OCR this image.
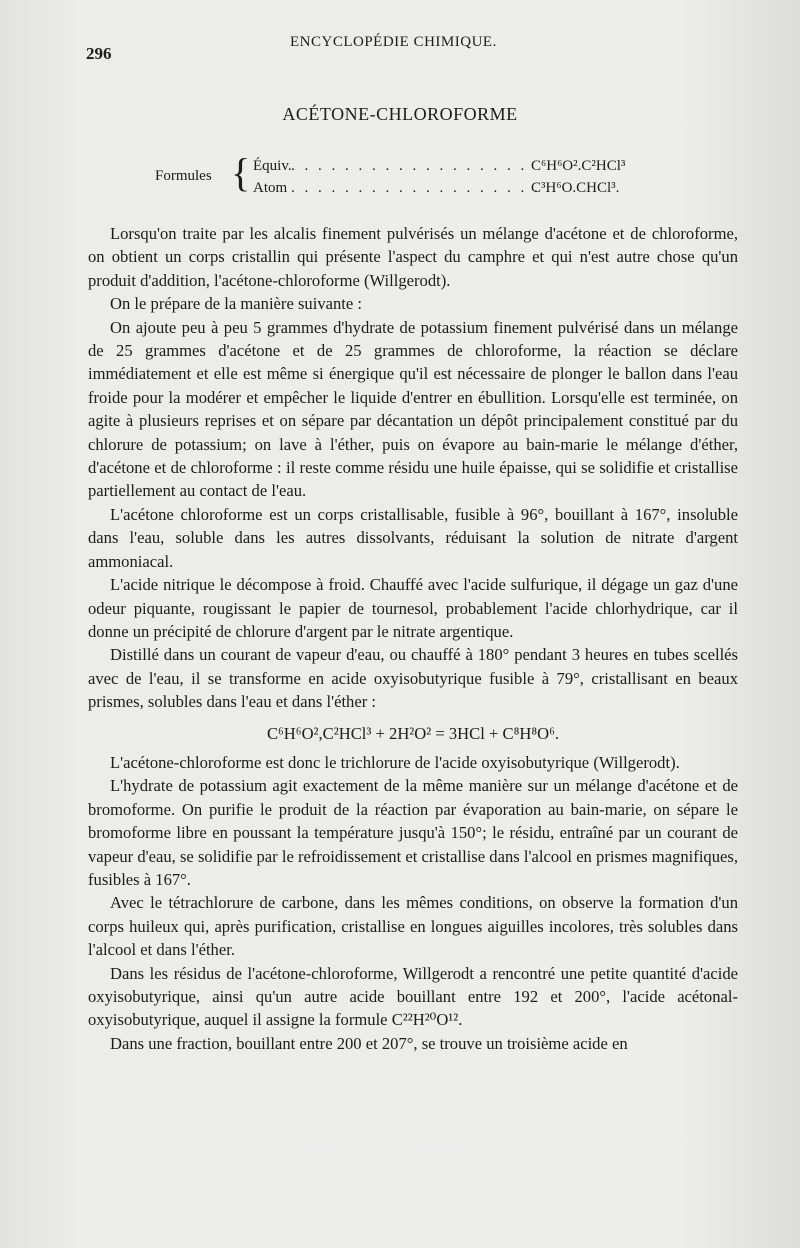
296
ENCYCLOPÉDIE CHIMIQUE.
ACÉTONE-CHLOROFORME
Formules { Équiv. . . . . . . . . . . . . . . . . . . C⁶H⁶O².C²HCl³
Atom . . . . . . . . . . . . . . . . . . .
C³H⁶O.CHCl³.

Lorsqu'on traite par les alcalis finement pulvérisés un mélange d'acétone et de chloroforme, on obtient un corps cristallin qui présente l'aspect du camphre et qui n'est autre chose qu'un produit d'addition, l'acétone-chloroforme (Willgerodt).

On le prépare de la manière suivante :

On ajoute peu à peu 5 grammes d'hydrate de potassium finement pulvérisé dans un mélange de 25 grammes d'acétone et de 25 grammes de chloroforme, la réaction se déclare immédiatement et elle est même si énergique qu'il est nécessaire de plonger le ballon dans l'eau froide pour la modérer et empêcher le liquide d'entrer en ébullition. Lorsqu'elle est terminée, on agite à plusieurs reprises et on sépare par décantation un dépôt principalement constitué par du chlorure de potassium; on lave à l'éther, puis on évapore au bain-marie le mélange d'éther, d'acétone et de chloroforme : il reste comme résidu une huile épaisse, qui se solidifie et cristallise partiellement au contact de l'eau.

L'acétone chloroforme est un corps cristallisable, fusible à 96°, bouillant à 167°, insoluble dans l'eau, soluble dans les autres dissolvants, réduisant la solution de nitrate d'argent ammoniacal.

L'acide nitrique le décompose à froid. Chauffé avec l'acide sulfurique, il dégage un gaz d'une odeur piquante, rougissant le papier de tournesol, probablement l'acide chlorhydrique, car il donne un précipité de chlorure d'argent par le nitrate argentique.

Distillé dans un courant de vapeur d'eau, ou chauffé à 180° pendant 3 heures en tubes scellés avec de l'eau, il se transforme en acide oxyisobutyrique fusible à 79°, cristallisant en beaux prismes, solubles dans l'eau et dans l'éther :

C⁶H⁶O²,C²HCl³ + 2H²O² = 3HCl + C⁸H⁸O⁶.

L'acétone-chloroforme est donc le trichlorure de l'acide oxyisobutyrique (Willgerodt).

L'hydrate de potassium agit exactement de la même manière sur un mélange d'acétone et de bromoforme. On purifie le produit de la réaction par évaporation au bain-marie, on sépare le bromoforme libre en poussant la température jusqu'à 150°; le résidu, entraîné par un courant de vapeur d'eau, se solidifie par le refroidissement et cristallise dans l'alcool en prismes magnifiques, fusibles à 167°.

Avec le tétrachlorure de carbone, dans les mêmes conditions, on observe la formation d'un corps huileux qui, après purification, cristallise en longues aiguilles incolores, très solubles dans l'alcool et dans l'éther.

Dans les résidus de l'acétone-chloroforme, Willgerodt a rencontré une petite quantité d'acide oxyisobutyrique, ainsi qu'un autre acide bouillant entre 192 et 200°, l'acide acétonal-oxyisobutyrique, auquel il assigne la formule C²²H²⁰O¹².

Dans une fraction, bouillant entre 200 et 207°, se trouve un troisième acide en
